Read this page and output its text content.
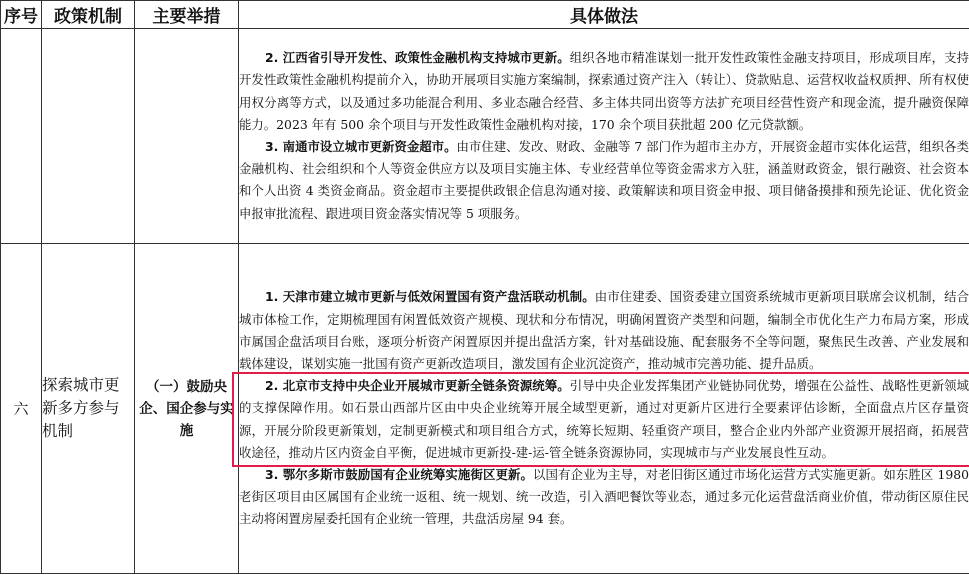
序号	政策机制	主要举措	具体做法

			2. 江西省引导开发性、政策性金融机构支持城市更新。组织各地市精准谋划一批开发性政策性金融支持项目，形成项目库，支持开发性政策性金融机构提前介入，协助开展项目实施方案编制，探索通过资产注入（转让）、贷款贴息、运营权收益权质押、所有权使用权分离等方式，以及通过多功能混合利用、多业态融合经营、多主体共同出资等方法扩充项目经营性资产和现金流，提升融资保障能力。2023 年有 500 余个项目与开发性政策性金融机构对接，170 余个项目获批超 200 亿元贷款额。

3. 南通市设立城市更新资金超市。由市住建、发改、财政、金融等 7 部门作为超市主办方，开展资金超市实体化运营，组织各类金融机构、社会组织和个人等资金供应方以及项目实施主体、专业经营单位等资金需求方入驻，涵盖财政资金，银行融资、社会资本和个人出资 4 类资金商品。资金超市主要提供政银企信息沟通对接、政策解读和项目资金申报、项目储备摸排和预先论证、优化资金申报审批流程、跟进项目资金落实情况等 5 项服务。

六	探索城市更新多方参与机制	（一）鼓励央企、国企参与实施	1. 天津市建立城市更新与低效闲置国有资产盘活联动机制。由市住建委、国资委建立国资系统城市更新项目联席会议机制，结合城市体检工作，定期梳理国有闲置低效资产规模、现状和分布情况，明确闲置资产类型和问题，编制全市优化生产力布局方案，形成市属国企盘活项目台账，逐项分析资产闲置原因并提出盘活方案，针对基础设施、配套服务不全等问题，聚焦民生改善、产业发展和载体建设，谋划实施一批国有资产更新改造项目，激发国有企业沉淀资产，推动城市完善功能、提升品质。

2. 北京市支持中央企业开展城市更新全链条资源统筹。引导中央企业发挥集团产业链协同优势，增强在公益性、战略性更新领域的支撑保障作用。如石景山西部片区由中央企业统筹开展全域型更新，通过对更新片区进行全要素评估诊断，全面盘点片区存量资源，开展分阶段更新策划，定制更新模式和项目组合方式，统筹长短期、轻重资产项目，整合企业内外部产业资源开展招商，拓展营收途径，推动片区内资金自平衡，促进城市更新投-建-运-管全链条资源协同，实现城市与产业发展良性互动。

3. 鄂尔多斯市鼓励国有企业统筹实施街区更新。以国有企业为主导，对老旧街区通过市场化运营方式实施更新。如东胜区 1980 老街区项目由区属国有企业统一返租、统一规划、统一改造，引入酒吧餐饮等业态，通过多元化运营盘活商业价值，带动街区原住民主动将闲置房屋委托国有企业统一管理，共盘活房屋 94 套。
